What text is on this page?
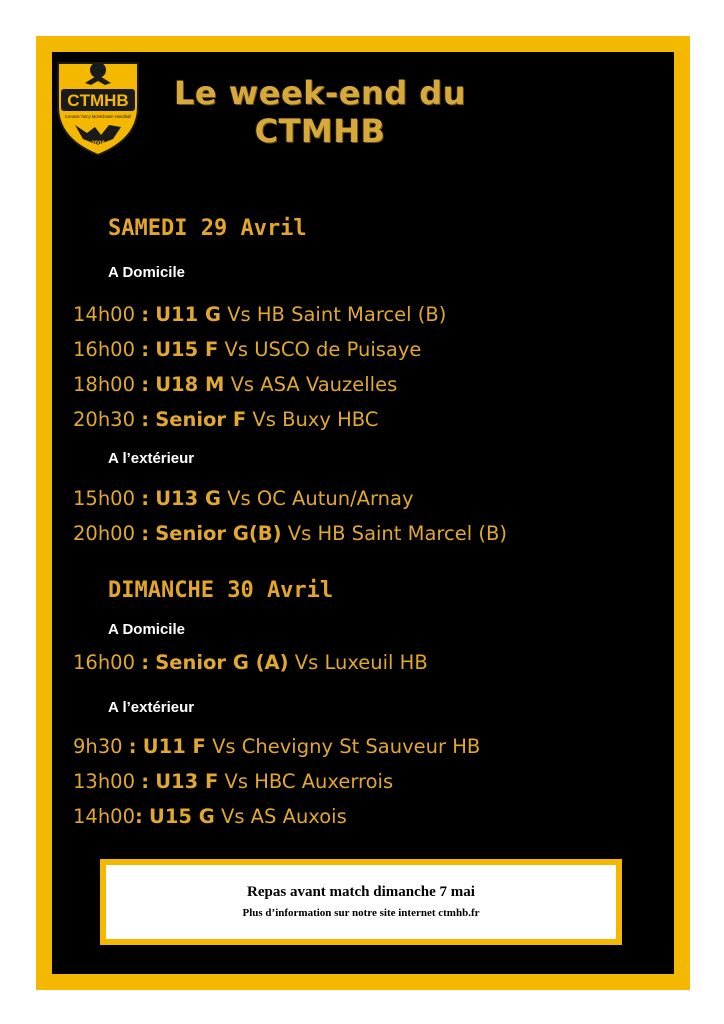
CTMHB
Creusot Torcy Montchanin Handball
2008
Le week-end du
CTMHB
SAMEDI 29 Avril
A Domicile
14h00 : U11 G Vs HB Saint Marcel (B)
16h00 : U15 F Vs USCO de Puisaye
18h00 : U18 M Vs ASA Vauzelles
20h30 : Senior F Vs Buxy HBC
A l’extérieur
15h00 : U13 G Vs OC Autun/Arnay
20h00 : Senior G(B) Vs HB Saint Marcel (B)
DIMANCHE 30 Avril
A Domicile
16h00 : Senior G (A) Vs Luxeuil HB
A l’extérieur
9h30 : U11 F Vs Chevigny St Sauveur HB
13h00 : U13 F Vs HBC Auxerrois
14h00: U15 G Vs AS Auxois
Repas avant match dimanche 7 mai
Plus d’information sur notre site internet ctmhb.fr
